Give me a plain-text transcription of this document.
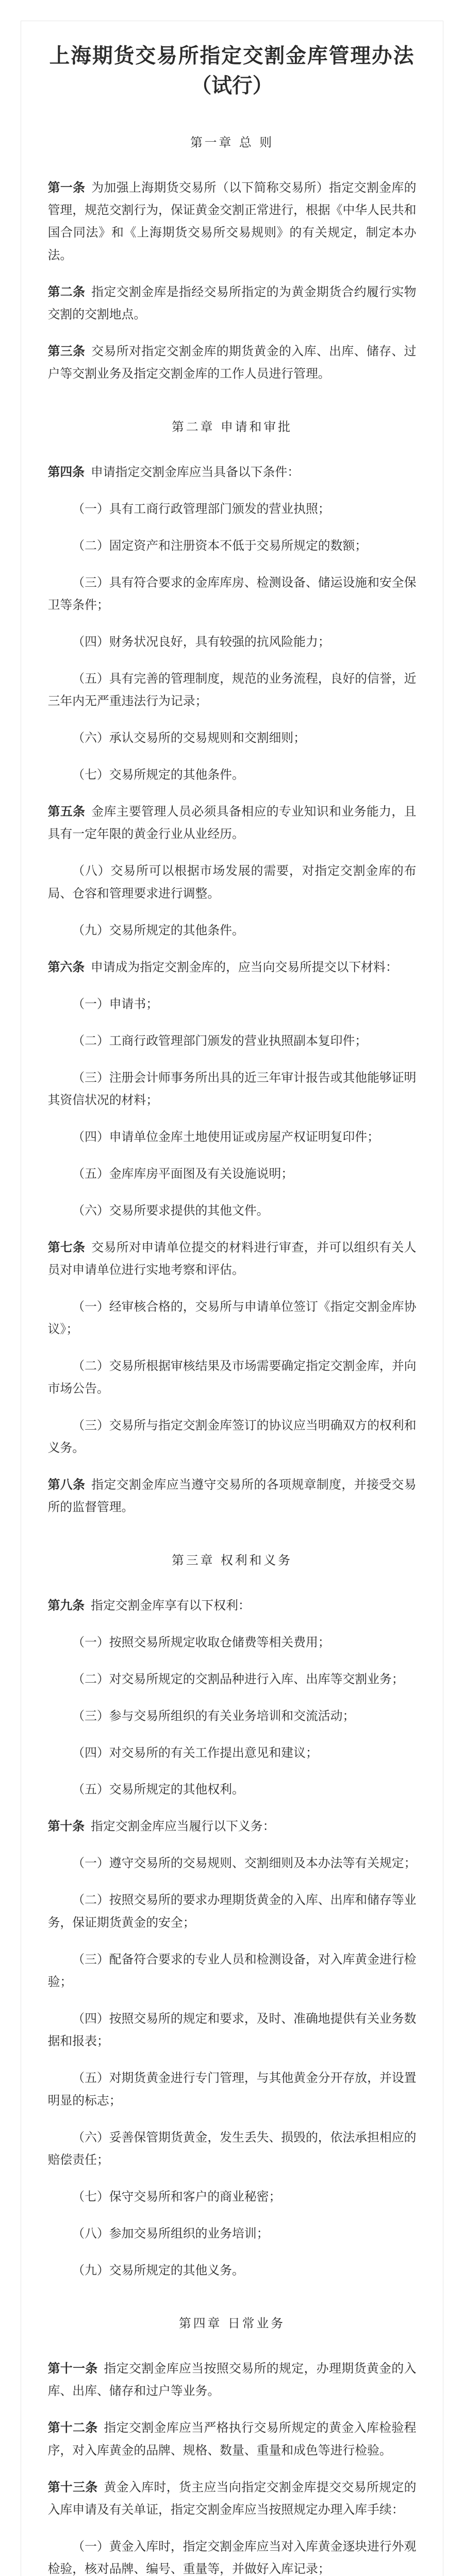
上海期货交易所指定交割金库管理办法
（试行）
第一章 总 则

第一条 为加强上海期货交易所（以下简称交易所）指定交割金库的管理，规范交割行为，保证黄金交割正常进行，根据《中华人民共和国合同法》和《上海期货交易所交易规则》的有关规定，制定本办法。

第二条 指定交割金库是指经交易所指定的为黄金期货合约履行实物交割的交割地点。

第三条 交易所对指定交割金库的期货黄金的入库、出库、储存、过户等交割业务及指定交割金库的工作人员进行管理。

第二章 申请和审批

第四条 申请指定交割金库应当具备以下条件：

（一）具有工商行政管理部门颁发的营业执照；

（二）固定资产和注册资本不低于交易所规定的数额；

（三）具有符合要求的金库库房、检测设备、储运设施和安全保卫等条件；

（四）财务状况良好，具有较强的抗风险能力；

（五）具有完善的管理制度，规范的业务流程，良好的信誉，近三年内无严重违法行为记录；

（六）承认交易所的交易规则和交割细则；

（七）交易所规定的其他条件。

第五条 金库主要管理人员必须具备相应的专业知识和业务能力，且具有一定年限的黄金行业从业经历。

（八）交易所可以根据市场发展的需要，对指定交割金库的布局、仓容和管理要求进行调整。

（九）交易所规定的其他条件。

第六条 申请成为指定交割金库的，应当向交易所提交以下材料：

（一）申请书；

（二）工商行政管理部门颁发的营业执照副本复印件；

（三）注册会计师事务所出具的近三年审计报告或其他能够证明其资信状况的材料；

（四）申请单位金库土地使用证或房屋产权证明复印件；

（五）金库库房平面图及有关设施说明；

（六）交易所要求提供的其他文件。

第七条 交易所对申请单位提交的材料进行审查，并可以组织有关人员对申请单位进行实地考察和评估。

（一）经审核合格的，交易所与申请单位签订《指定交割金库协议》；

（二）交易所根据审核结果及市场需要确定指定交割金库，并向市场公告。

（三）交易所与指定交割金库签订的协议应当明确双方的权利和义务。

第八条 指定交割金库应当遵守交易所的各项规章制度，并接受交易所的监督管理。

第三章 权利和义务

第九条 指定交割金库享有以下权利：

（一）按照交易所规定收取仓储费等相关费用；

（二）对交易所规定的交割品种进行入库、出库等交割业务；

（三）参与交易所组织的有关业务培训和交流活动；

（四）对交易所的有关工作提出意见和建议；

（五）交易所规定的其他权利。

第十条 指定交割金库应当履行以下义务：

（一）遵守交易所的交易规则、交割细则及本办法等有关规定；

（二）按照交易所的要求办理期货黄金的入库、出库和储存等业务，保证期货黄金的安全；

（三）配备符合要求的专业人员和检测设备，对入库黄金进行检验；

（四）按照交易所的规定和要求，及时、准确地提供有关业务数据和报表；

（五）对期货黄金进行专门管理，与其他黄金分开存放，并设置明显的标志；

（六）妥善保管期货黄金，发生丢失、损毁的，依法承担相应的赔偿责任；

（七）保守交易所和客户的商业秘密；

（八）参加交易所组织的业务培训；

（九）交易所规定的其他义务。

第四章 日常业务

第十一条 指定交割金库应当按照交易所的规定，办理期货黄金的入库、出库、储存和过户等业务。

第十二条 指定交割金库应当严格执行交易所规定的黄金入库检验程序，对入库黄金的品牌、规格、数量、重量和成色等进行检验。

第十三条 黄金入库时，货主应当向指定交割金库提交交易所规定的入库申请及有关单证，指定交割金库应当按照规定办理入库手续：

（一）黄金入库时，指定交割金库应当对入库黄金逐块进行外观检验，核对品牌、编号、重量等，并做好入库记录；
